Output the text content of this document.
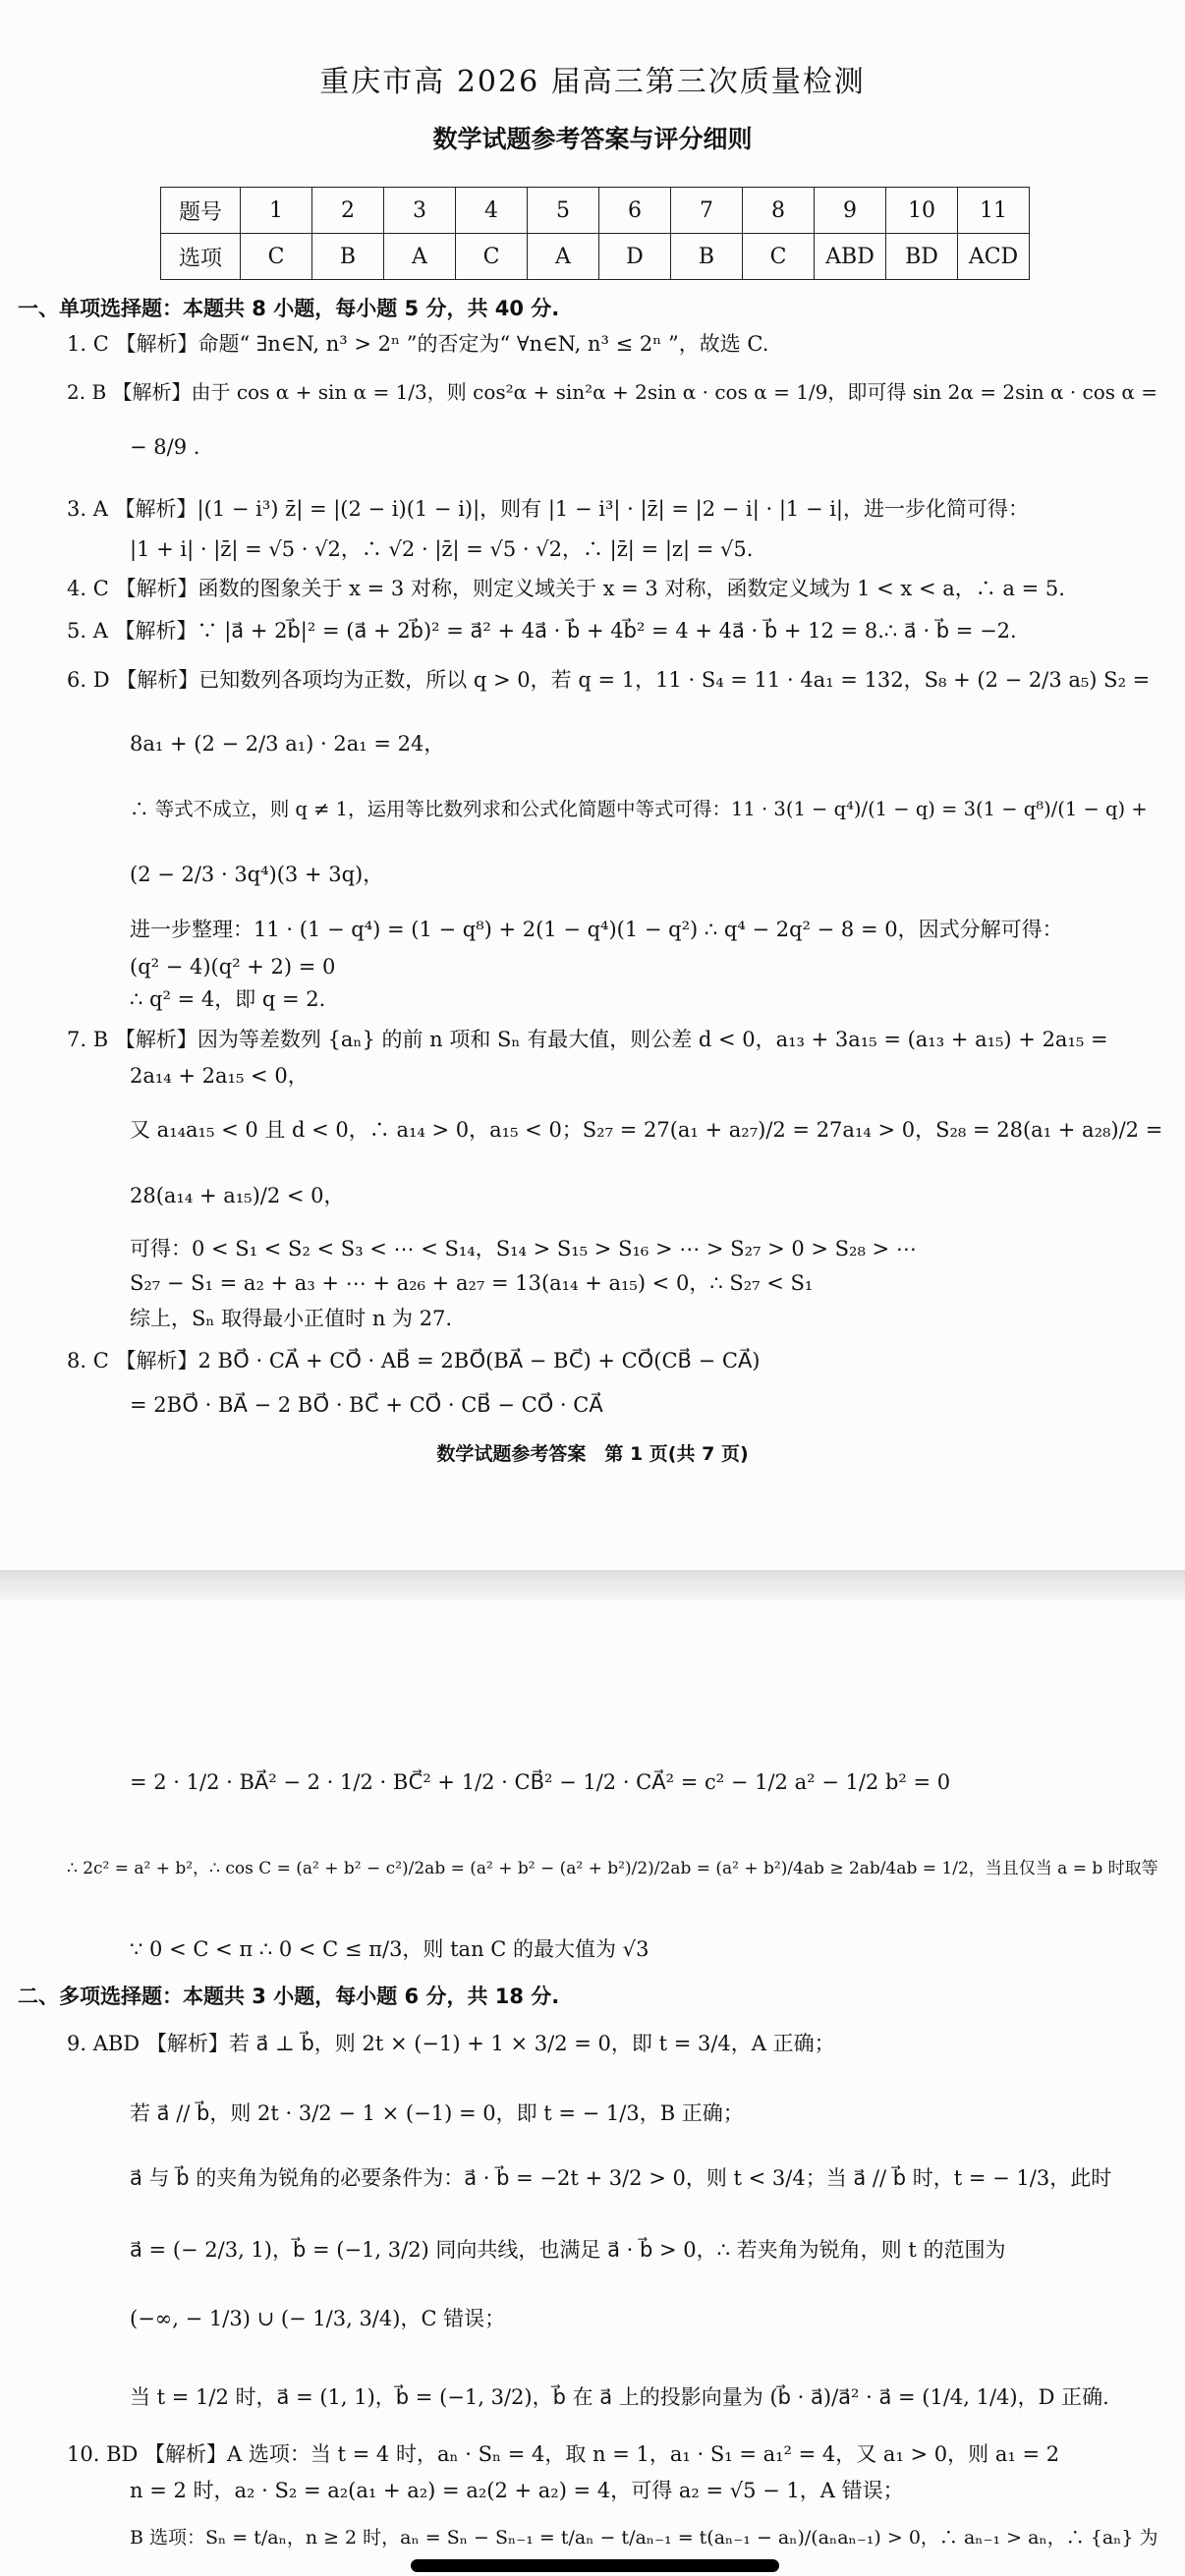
重庆市高 2026 届高三第三次质量检测
数学试题参考答案与评分细则
题号	1	2	3	4	5	6	7	8	9	10	11
选项	C	B	A	C	A	D	B	C	ABD	BD	ACD
一、单项选择题：本题共 8 小题，每小题 5 分，共 40 分.
1. C 【解析】命题“ ∃n∈N, n³ > 2ⁿ ”的否定为“ ∀n∈N, n³ ≤ 2ⁿ ”，故选 C.
2. B 【解析】由于 cos α + sin α = 1/3，则 cos²α + sin²α + 2sin α · cos α = 1/9，即可得 sin 2α = 2sin α · cos α =
− 8/9 .
3. A 【解析】|(1 − i³) z̄| = |(2 − i)(1 − i)|，则有 |1 − i³| · |z̄| = |2 − i| · |1 − i|，进一步化简可得：
|1 + i| · |z̄| = √5 · √2，∴ √2 · |z̄| = √5 · √2，∴ |z̄| = |z| = √5.
4. C 【解析】函数的图象关于 x = 3 对称，则定义域关于 x = 3 对称，函数定义域为 1 < x < a，∴ a = 5.
5. A 【解析】∵ |a⃗ + 2b⃗|² = (a⃗ + 2b⃗)² = a⃗² + 4a⃗ · b⃗ + 4b⃗² = 4 + 4a⃗ · b⃗ + 12 = 8.∴ a⃗ · b⃗ = −2.
6. D 【解析】已知数列各项均为正数，所以 q > 0，若 q = 1，11 · S₄ = 11 · 4a₁ = 132，S₈ + (2 − 2/3 a₅) S₂ =
8a₁ + (2 − 2/3 a₁) · 2a₁ = 24，
∴ 等式不成立，则 q ≠ 1，运用等比数列求和公式化简题中等式可得：11 · 3(1 − q⁴)/(1 − q) = 3(1 − q⁸)/(1 − q) +
(2 − 2/3 · 3q⁴)(3 + 3q)，
进一步整理：11 · (1 − q⁴) = (1 − q⁸) + 2(1 − q⁴)(1 − q²) ∴ q⁴ − 2q² − 8 = 0，因式分解可得：
(q² − 4)(q² + 2) = 0
∴ q² = 4，即 q = 2.
7. B 【解析】因为等差数列 {aₙ} 的前 n 项和 Sₙ 有最大值，则公差 d < 0，a₁₃ + 3a₁₅ = (a₁₃ + a₁₅) + 2a₁₅ =
2a₁₄ + 2a₁₅ < 0，
又 a₁₄a₁₅ < 0 且 d < 0，∴ a₁₄ > 0，a₁₅ < 0；S₂₇ = 27(a₁ + a₂₇)/2 = 27a₁₄ > 0，S₂₈ = 28(a₁ + a₂₈)/2 =
28(a₁₄ + a₁₅)/2 < 0，
可得：0 < S₁ < S₂ < S₃ < ⋯ < S₁₄，S₁₄ > S₁₅ > S₁₆ > ⋯ > S₂₇ > 0 > S₂₈ > ⋯
S₂₇ − S₁ = a₂ + a₃ + ⋯ + a₂₆ + a₂₇ = 13(a₁₄ + a₁₅) < 0，∴ S₂₇ < S₁
综上，Sₙ 取得最小正值时 n 为 27.
8. C 【解析】2 BO⃗ · CA⃗ + CO⃗ · AB⃗ = 2BO⃗(BA⃗ − BC⃗) + CO⃗(CB⃗ − CA⃗)
= 2BO⃗ · BA⃗ − 2 BO⃗ · BC⃗ + CO⃗ · CB⃗ − CO⃗ · CA⃗
数学试题参考答案　第 1 页(共 7 页)
= 2 · 1/2 · BA⃗² − 2 · 1/2 · BC⃗² + 1/2 · CB⃗² − 1/2 · CA⃗² = c² − 1/2 a² − 1/2 b² = 0
∴ 2c² = a² + b²，∴ cos C = (a² + b² − c²)/2ab = (a² + b² − (a² + b²)/2)/2ab = (a² + b²)/4ab ≥ 2ab/4ab = 1/2，当且仅当 a = b 时取等
∵ 0 < C < π ∴ 0 < C ≤ π/3，则 tan C 的最大值为 √3
二、多项选择题：本题共 3 小题，每小题 6 分，共 18 分.
9. ABD 【解析】若 a⃗ ⊥ b⃗，则 2t × (−1) + 1 × 3/2 = 0，即 t = 3/4，A 正确；
若 a⃗ // b⃗，则 2t · 3/2 − 1 × (−1) = 0，即 t = − 1/3，B 正确；
a⃗ 与 b⃗ 的夹角为锐角的必要条件为：a⃗ · b⃗ = −2t + 3/2 > 0，则 t < 3/4；当 a⃗ // b⃗ 时，t = − 1/3，此时
a⃗ = (− 2/3, 1)，b⃗ = (−1, 3/2) 同向共线，也满足 a⃗ · b⃗ > 0，∴ 若夹角为锐角，则 t 的范围为
(−∞, − 1/3) ∪ (− 1/3, 3/4)，C 错误；
当 t = 1/2 时，a⃗ = (1, 1)，b⃗ = (−1, 3/2)，b⃗ 在 a⃗ 上的投影向量为 (b⃗ · a⃗)/a⃗² · a⃗ = (1/4, 1/4)，D 正确.
10. BD 【解析】A 选项：当 t = 4 时，aₙ · Sₙ = 4，取 n = 1，a₁ · S₁ = a₁² = 4，又 a₁ > 0，则 a₁ = 2
n = 2 时，a₂ · S₂ = a₂(a₁ + a₂) = a₂(2 + a₂) = 4，可得 a₂ = √5 − 1，A 错误；
B 选项：Sₙ = t/aₙ，n ≥ 2 时，aₙ = Sₙ − Sₙ₋₁ = t/aₙ − t/aₙ₋₁ = t(aₙ₋₁ − aₙ)/(aₙaₙ₋₁) > 0，∴ aₙ₋₁ > aₙ，∴ {aₙ} 为
